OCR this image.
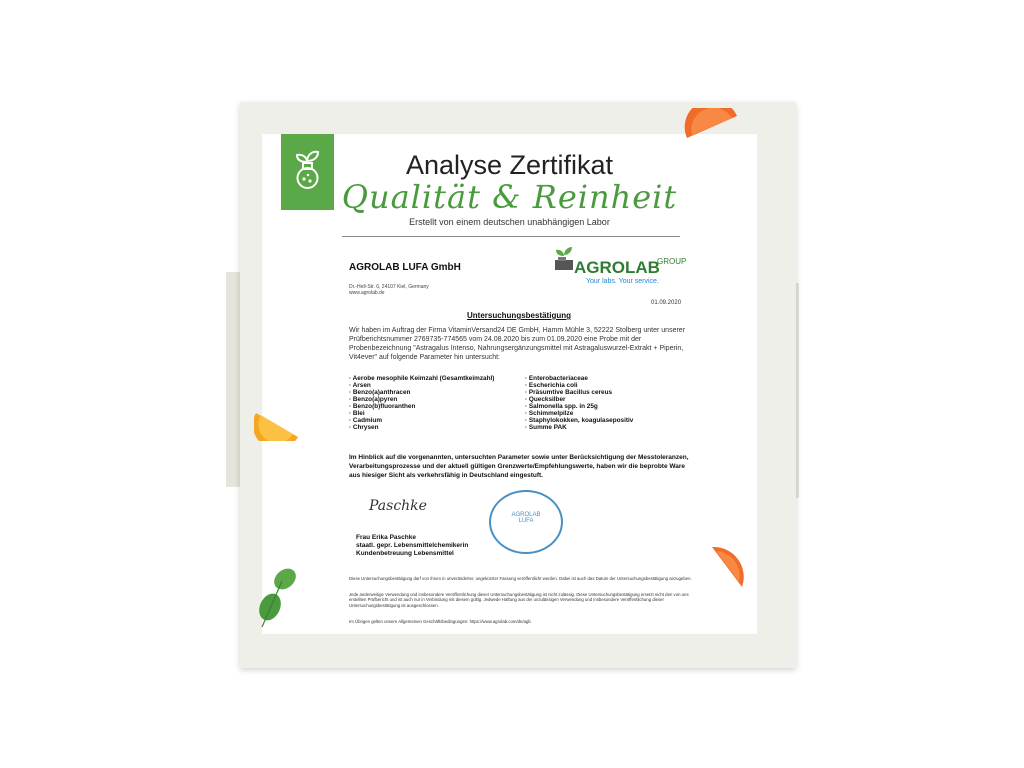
Analyse Zertifikat
Qualität & Reinheit
Erstellt von einem deutschen unabhängigen Labor
AGROLAB LUFA GmbH
Dr.-Hell-Str. 6, 24107 Kiel, Germany
www.agrolab.de
AGROLAB
GROUP
Your labs. Your service.
01.09.2020
Untersuchungsbestätigung
Wir haben im Auftrag der Firma VitaminVersand24 DE GmbH, Hamm Mühle 3, 52222 Stolberg unter unserer Prüfberichtsnummer 2769735-774565 vom 24.08.2020 bis zum 01.09.2020 eine Probe mit der Probenbezeichnung "Astragalus Intenso, Nahrungsergänzungsmittel mit Astragaluswurzel-Extrakt + Piperin, Vit4ever" auf folgende Parameter hin untersucht:
· Aerobe mesophile Keimzahl (Gesamtkeimzahl)
· Arsen
· Benzo(a)anthracen
· Benzo(a)pyren
· Benzo(b)fluoranthen
· Blei
· Cadmium
· Chrysen
· Enterobacteriaceae
· Escherichia coli
· Präsumtive Bacillus cereus
· Quecksilber
· Salmonella spp. in 25g
· Schimmelpilze
· Staphylokokken, koagulasepositiv
· Summe PAK
Im Hinblick auf die vorgenannten, untersuchten Parameter sowie unter Berücksichtigung der Messtoleranzen, Verarbeitungsprozesse und der aktuell gültigen Grenzwerte/Empfehlungswerte, haben wir die beprobte Ware aus hiesiger Sicht als verkehrsfähig in Deutschland eingestuft.
Paschke
Frau Erika Paschke
staatl. gepr. Lebensmittelchemikerin
Kundenbetreuung Lebensmittel
AGROLAB
LUFA
Diese Untersuchungsbestätigung darf von Ihnen in unveränderter, ungekürzter Fassung veröffentlicht werden. Dabei ist auch das Datum der Untersuchungsbestätigung anzugeben.
Jede anderweitige Verwendung und insbesondere Veröffentlichung dieser Untersuchungsbestätigung ist nicht zulässig. Diese Untersuchungsbestätigung ersetzt nicht den von uns erstellten Prüfbericht und ist auch nur in Verbindung mit diesem gültig. Jedwede Haftung aus der unzulässigen Verwendung und insbesondere Veröffentlichung dieser Untersuchungsbestätigung ist ausgeschlossen.
Im Übrigen gelten unsere Allgemeinen Geschäftsbedingungen: https://www.agrolab.com/de/agb
